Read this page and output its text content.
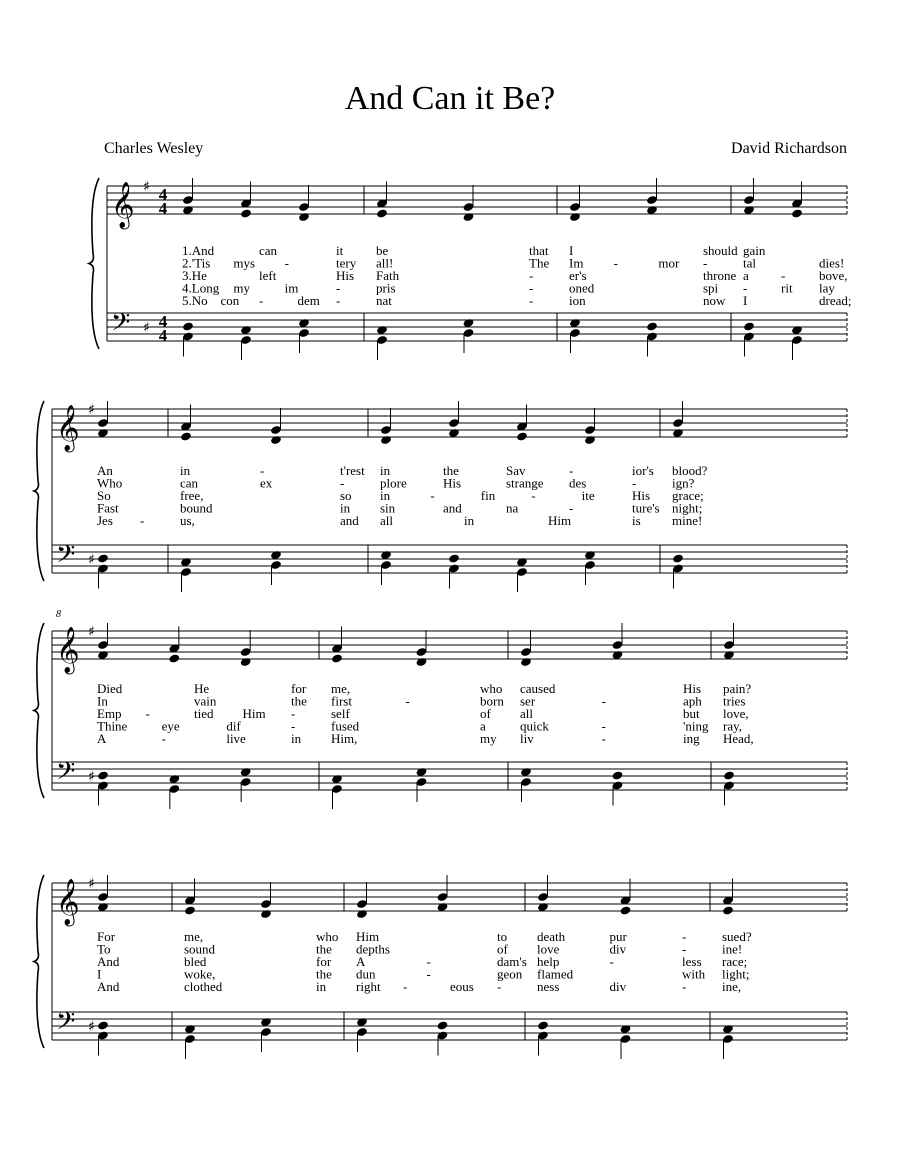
And Can it Be?
Charles Wesley	David Richardson
𝄞
𝄢
♯
♯
4
4
4
4
1.And	can	it
2.'Tis mys -	tery
3.He	left	His
4.Long my	im	-
5.No con -	dem -
be	that
all!	The
Fath	-
pris	-
nat	-
I	should
Im -	mor -
er's	throne
oned	spi
ion	now
gain
tal	dies!
a -	bove,
-	rit lay
I	dread;
𝄞
𝄢
♯
♯
An
Who
So
Fast
Jes -
in	-	t'rest
can	ex	-
free,	so
bound	in
us,	and
in	the	Sav	-	ior's
plore	His	strange des	-
in	-	fin	-	ite	His
sin	and	na	-	ture's
all	in	Him	is
blood?
ign?
grace;
night;
mine!
𝄞
𝄢
♯
♯
8
Died	He	for
In	vain	the
Emp -	tied Him -
Thine	eye	dif	-
A	-	live	in
me,	who
first	-	born
self	of
fused	a
Him,	my
caused	His
ser	-	aph
all	but
quick	-	'ning
liv	-	ing
pain?
tries
love,
ray,
Head,
𝄞
𝄢
♯
♯
For
To
And
I
And
me,	who
sound	the
bled	for
woke,	the
clothed	in
Him	to
depths	of
A	-	dam's
dun	-	geon
right -	eous -
death	pur	-
love	div	-
help	-	less
flamed	with
ness	div	-
sued?
ine!
race;
light;
ine,
